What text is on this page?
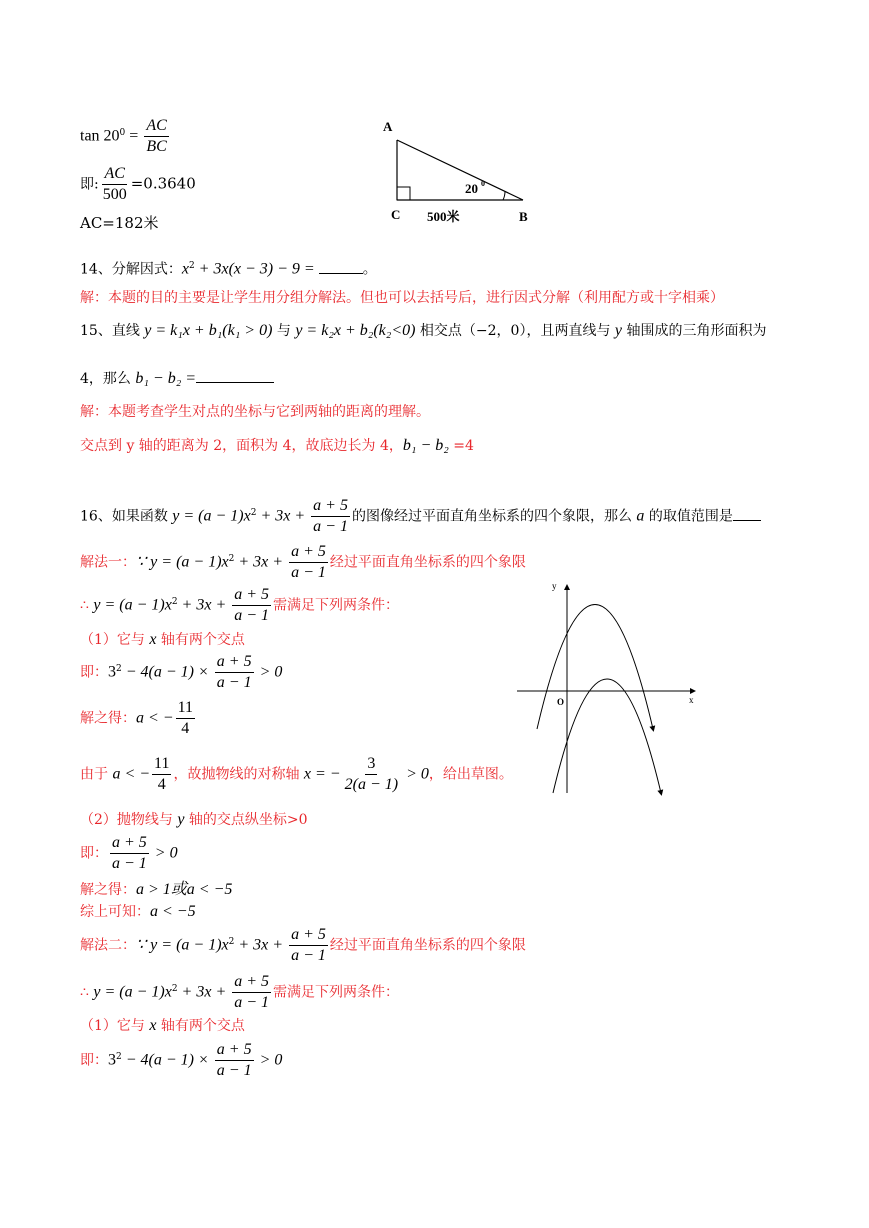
$\tan 20^0 = \frac{AC}{BC}$
即: $\frac{AC}{500} =0.3640$
AC=182米
A
C	B
20 0
500米
14、分解因式：$x^2 + 3x(x - 3) - 9$ =	。
解：本题的目的主要是让学生用分组分解法。但也可以去括号后，进行因式分解（利用配方或十字相乘）
15、直线 y = k₁x + b₁(k₁ > 0) 与 y = k₂x + b₂(k₂<0) 相交点（−2，0），且两直线与 y 轴围成的三角形面积为
4，那么 b₁ − b₂ =
解：本题考查学生对点的坐标与它到两轴的距离的理解。
交点到 y 轴的距离为 2，面积为 4，故底边长为 4，b₁ − b₂ =4
16、如果函数 $y = (a - 1)x^2 + 3x + \frac{a + 5}{a - 1}$ 的图像经过平面直角坐标系的四个象限，那么 a 的取值范围是
解法一：∵ $y = (a - 1)x^2 + 3x + \frac{a + 5}{a - 1}$ 经过平面直角坐标系的四个象限
∴ $y = (a - 1)x^2 + 3x + \frac{a + 5}{a - 1}$ 需满足下列两条件：
（1）它与 x 轴有两个交点
即：$3^2 - 4(a - 1) \times \frac{a + 5}{a - 1} > 0$
解之得：a < − $\frac{11}{4}$
由于 a < − $\frac{11}{4}$ ，故抛物线的对称轴 x = − $\frac{3}{2(a - 1)} > 0$，给出草图。
（2）抛物线与 y 轴的交点纵坐标>0
即： $\frac{a + 5}{a - 1} > 0$
解之得：a > 1或a < −5
综上可知：a < −5
解法二：∵ $y = (a - 1)x^2 + 3x + \frac{a + 5}{a - 1}$ 经过平面直角坐标系的四个象限
∴ $y = (a - 1)x^2 + 3x + \frac{a + 5}{a - 1}$ 需满足下列两条件：
（1）它与 x 轴有两个交点
即：$3^2 - 4(a - 1) \times \frac{a + 5}{a - 1} > 0$
y
x
O
